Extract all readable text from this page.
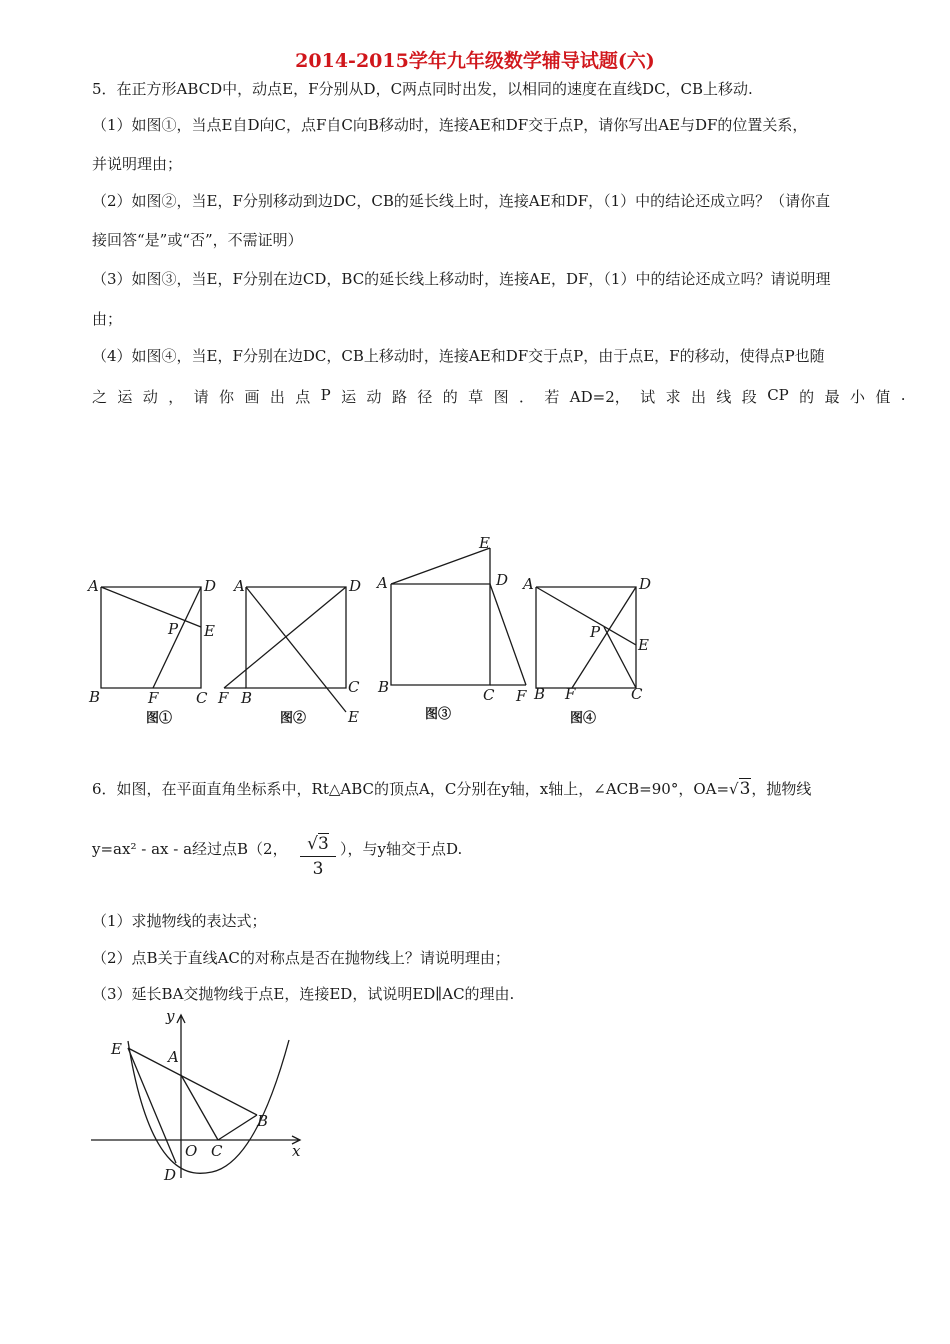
2014-2015学年九年级数学辅导试题(六)

5．在正方形ABCD中，动点E，F分别从D，C两点同时出发，以相同的速度在直线DC，CB上移动.

（1）如图①，当点E自D向C，点F自C向B移动时，连接AE和DF交于点P，请你写出AE与DF的位置关系，

并说明理由；

（2）如图②，当E，F分别移动到边DC，CB的延长线上时，连接AE和DF，（1）中的结论还成立吗？（请你直

接回答“是”或“否”，不需证明）

（3）如图③，当E，F分别在边CD，BC的延长线上移动时，连接AE，DF，（1）中的结论还成立吗？请说明理

由；

（4）如图④，当E，F分别在边DC，CB上移动时，连接AE和DF交于点P，由于点E，F的移动，使得点P也随

之 运 动 ， 请 你 画 出 点 P 运 动 路 径 的 草 图 ． 若 AD=2， 试 求 出 线 段 CP 的 最 小 值 .
A	D
P E
B	F	C
图①
A	D
C
E
F B
图②
E
A	D
B	C F
图③
A	D
P
E
B F	C
图④
y
E	A
B
O C	x
D

6．如图，在平面直角坐标系中，Rt△ABC的顶点A，C分别在y轴，x轴上，∠ACB=90°，OA=√3，抛物线

y=ax² - ax - a经过点B（2， $\frac{√3}{3}$ ），与y轴交于点D.

（1）求抛物线的表达式；

（2）点B关于直线AC的对称点是否在抛物线上？请说明理由；

（3）延长BA交抛物线于点E，连接ED，试说明ED∥AC的理由.
